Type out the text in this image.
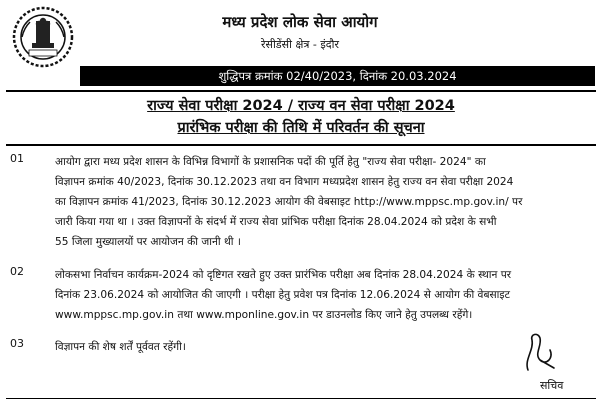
मध्य प्रदेश लोक सेवा आयोग
रेसीडेंसी क्षेत्र - इंदौर
शुद्धिपत्र क्रमांक 02/40/2023, दिनांक 20.03.2024
राज्य सेवा परीक्षा 2024 / राज्य वन सेवा परीक्षा 2024
प्रारंभिक परीक्षा की तिथि में परिवर्तन की सूचना
01	आयोग द्वारा मध्य प्रदेश शासन के विभिन्न विभागों के प्रशासनिक पदों की पूर्ति हेतु "राज्य सेवा परीक्षा- 2024" का
विज्ञापन क्रमांक 40/2023, दिनांक 30.12.2023 तथा वन विभाग मध्यप्रदेश शासन हेतु राज्य वन सेवा परीक्षा 2024
का विज्ञापन क्रमांक 41/2023, दिनांक 30.12.2023 आयोग की वेबसाइट http://www.mppsc.mp.gov.in/ पर
जारी किया गया था । उक्त विज्ञापनों के संदर्भ में राज्य सेवा प्रांभिक परीक्षा दिनांक 28.04.2024 को प्रदेश के सभी
55 जिला मुख्यालयों पर आयोजन की जानी थी ।
02	लोकसभा निर्वाचन कार्यक्रम-2024 को दृष्टिगत रखते हुए उक्त प्रारंभिक परीक्षा अब दिनांक 28.04.2024 के स्थान पर
दिनांक 23.06.2024 को आयोजित की जाएगी । परीक्षा हेतु प्रवेश पत्र दिनांक 12.06.2024 से आयोग की वेबसाइट
www.mppsc.mp.gov.in तथा www.mponline.gov.in पर डाउनलोड किए जाने हेतु उपलब्ध रहेंगे।
03	विज्ञापन की शेष शर्तें पूर्ववत रहेंगी।
सचिव
